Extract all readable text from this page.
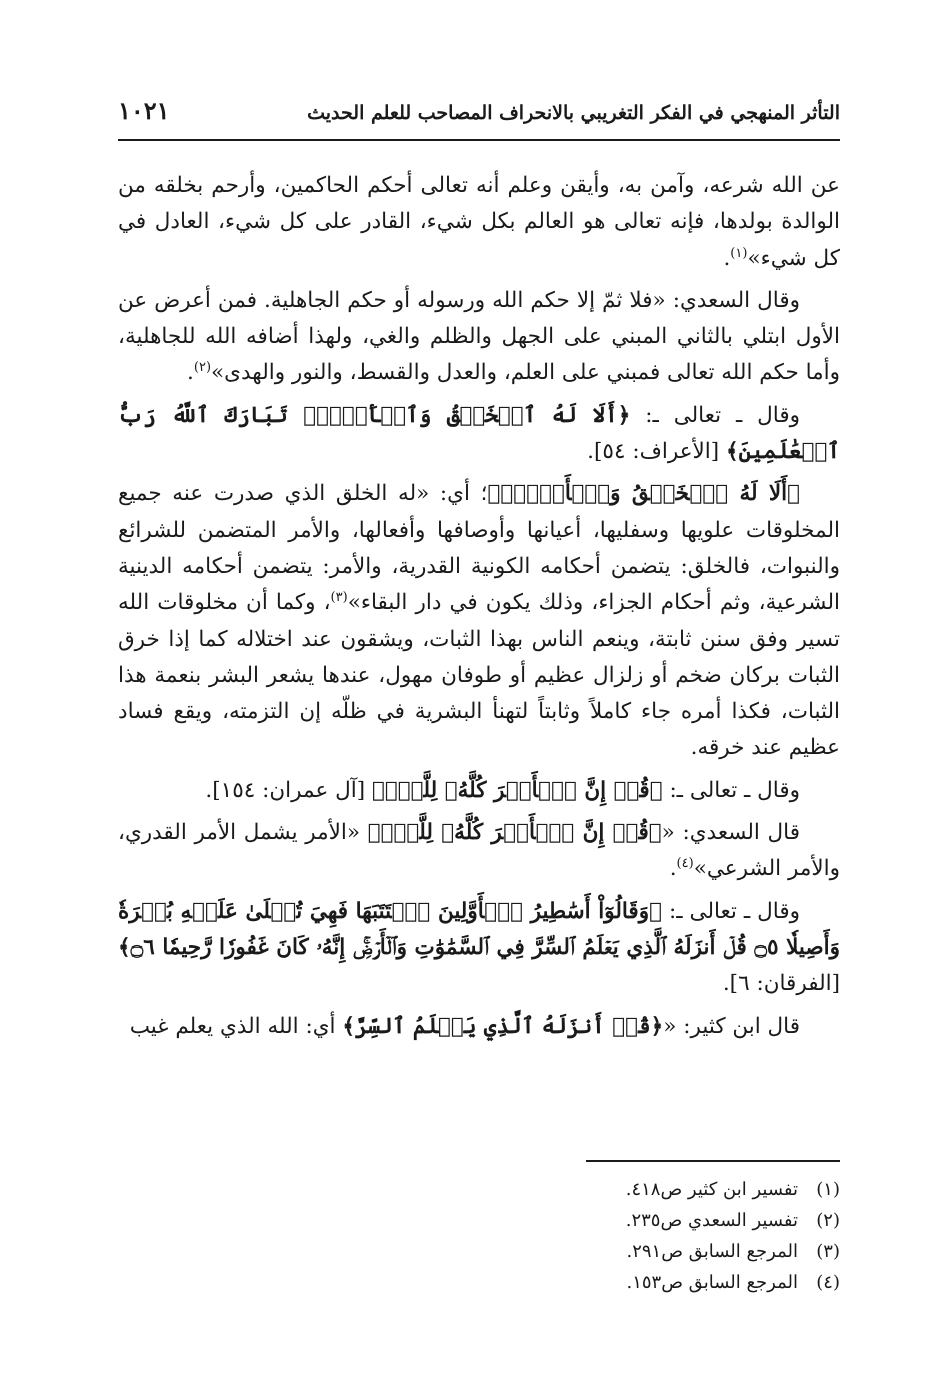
التأثر المنهجي في الفكر التغريبي بالانحراف المصاحب للعلم الحديث
١٠٢١

عن الله شرعه، وآمن به، وأيقن وعلم أنه تعالى أحكم الحاكمين، وأرحم بخلقه من الوالدة بولدها، فإنه تعالى هو العالم بكل شيء، القادر على كل شيء، العادل في كل شيء»$^{(١)}$.

وقال السعدي: «فلا ثمّ إلا حكم الله ورسوله أو حكم الجاهلية. فمن أعرض عن الأول ابتلي بالثاني المبني على الجهل والظلم والغي، ولهذا أضافه الله للجاهلية، وأما حكم الله تعالى فمبني على العلم، والعدل والقسط، والنور والهدى»$^{(٢)}$.

وقال ـ تعالى ـ: ﴿أَلَا لَهُ ٱلۡخَلۡقُ وَٱلۡأَمۡرُۗ تَبَارَكَ ٱللَّهُ رَبُّ ٱلۡعَٰلَمِينَ﴾ [الأعراف: ٥٤].

﴿أَلَا لَهُ ٱلۡخَلۡقُ وَٱلۡأَمۡرُۗ﴾؛ أي: «له الخلق الذي صدرت عنه جميع المخلوقات علويها وسفليها، أعيانها وأوصافها وأفعالها، والأمر المتضمن للشرائع والنبوات، فالخلق: يتضمن أحكامه الكونية القدرية، والأمر: يتضمن أحكامه الدينية الشرعية، وثم أحكام الجزاء، وذلك يكون في دار البقاء»$^{(٣)}$، وكما أن مخلوقات الله تسير وفق سنن ثابتة، وينعم الناس بهذا الثبات، ويشقون عند اختلاله كما إذا خرق الثبات بركان ضخم أو زلزال عظيم أو طوفان مهول، عندها يشعر البشر بنعمة هذا الثبات، فكذا أمره جاء كاملاً وثابتاً لتهنأ البشرية في ظلّه إن التزمته، ويقع فساد عظيم عند خرقه.

وقال ـ تعالى ـ: ﴿قُلۡ إِنَّ ٱلۡأَمۡرَ كُلَّهُۥ لِلَّهِۗ﴾ [آل عمران: ١٥٤].

قال السعدي: «﴿قُلۡ إِنَّ ٱلۡأَمۡرَ كُلَّهُۥ لِلَّهِۗ﴾ «الأمر يشمل الأمر القدري، والأمر الشرعي»$^{(٤)}$.

وقال ـ تعالى ـ: ﴿وَقَالُوٓاْ أَسَٰطِيرُ ٱلۡأَوَّلِينَ ٱكۡتَتَبَهَا فَهِيَ تُمۡلَىٰ عَلَيۡهِ بُكۡرَةٗ وَأَصِيلٗا ۝٥ قُلۡ أَنزَلَهُ ٱلَّذِي يَعۡلَمُ ٱلسِّرَّ فِي ٱلسَّمَٰوَٰتِ وَٱلۡأَرۡضِۚ إِنَّهُۥ كَانَ غَفُورٗا رَّحِيمٗا ۝٦﴾ [الفرقان: ٦].

قال ابن كثير: «﴿قُلۡ أَنزَلَهُ ٱلَّذِي يَعۡلَمُ ٱلسِّرَّ﴾ أي: الله الذي يعلم غيب

(١)تفسير ابن كثير ص٤١٨.
(٢)تفسير السعدي ص٢٣٥.
(٣)المرجع السابق ص٢٩١.
(٤)المرجع السابق ص١٥٣.
